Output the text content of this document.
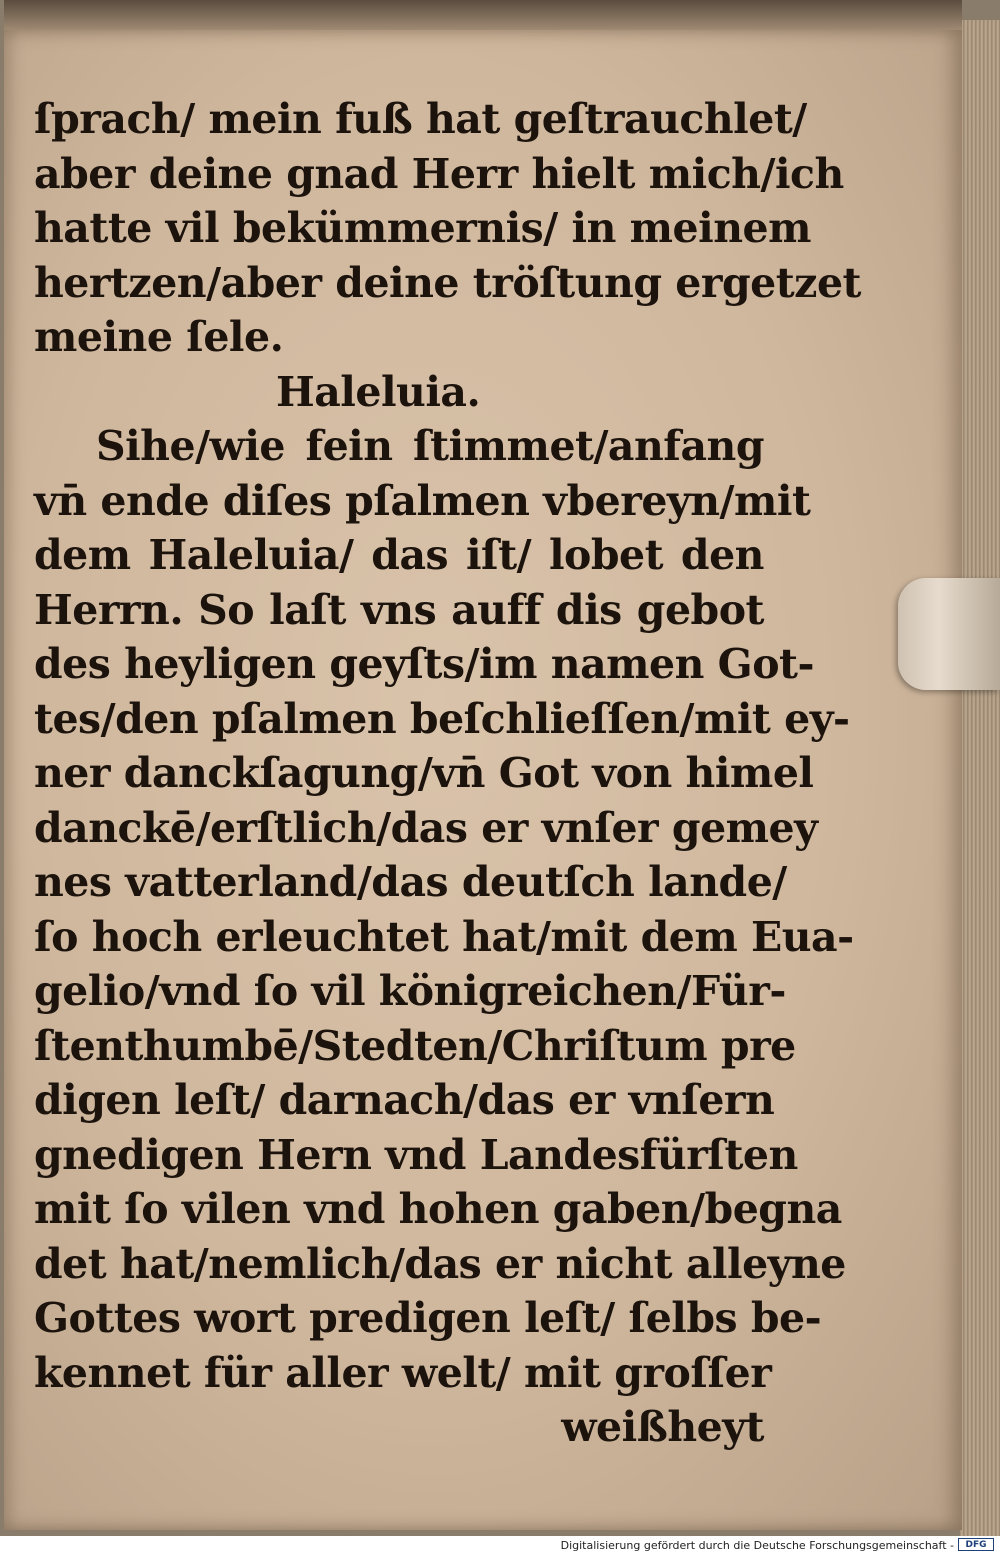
ſprach/ mein fuß hat geſtrauchlet/
aber deine gnad Herr hielt mich/ich
hatte vil bekümmernis/ in meinem
hertzen/aber deine tröſtung ergetzet
meine ſele.
Haleluia.
Sihe/wie fein ſtimmet/anfang
vn̄ ende diſes pſalmen vbereyn/mit
dem Haleluia/ das iſt/ lobet den
Herrn. So laſt vns auff dis gebot
des heyligen geyſts/im namen Got-
tes/den pſalmen beſchlieſſen/mit ey-
ner danckſagung/vn̄ Got von himel
danckē/erſtlich/das er vnſer gemey
nes vatterland/das deutſch lande/
ſo hoch erleuchtet hat/mit dem Eua-
gelio/vnd ſo vil königreichen/Für-
ſtenthumbē/Stedten/Chriſtum pre
digen leſt/ darnach/das er vnſern
gnedigen Hern vnd Landesfürſten
mit ſo vilen vnd hohen gaben/begna
det hat/nemlich/das er nicht alleyne
Gottes wort predigen leſt/ ſelbs be-
kennet für aller welt/ mit groſſer
weißheyt
Digitalisierung gefördert durch die Deutsche Forschungsgemeinschaft -	DFG
